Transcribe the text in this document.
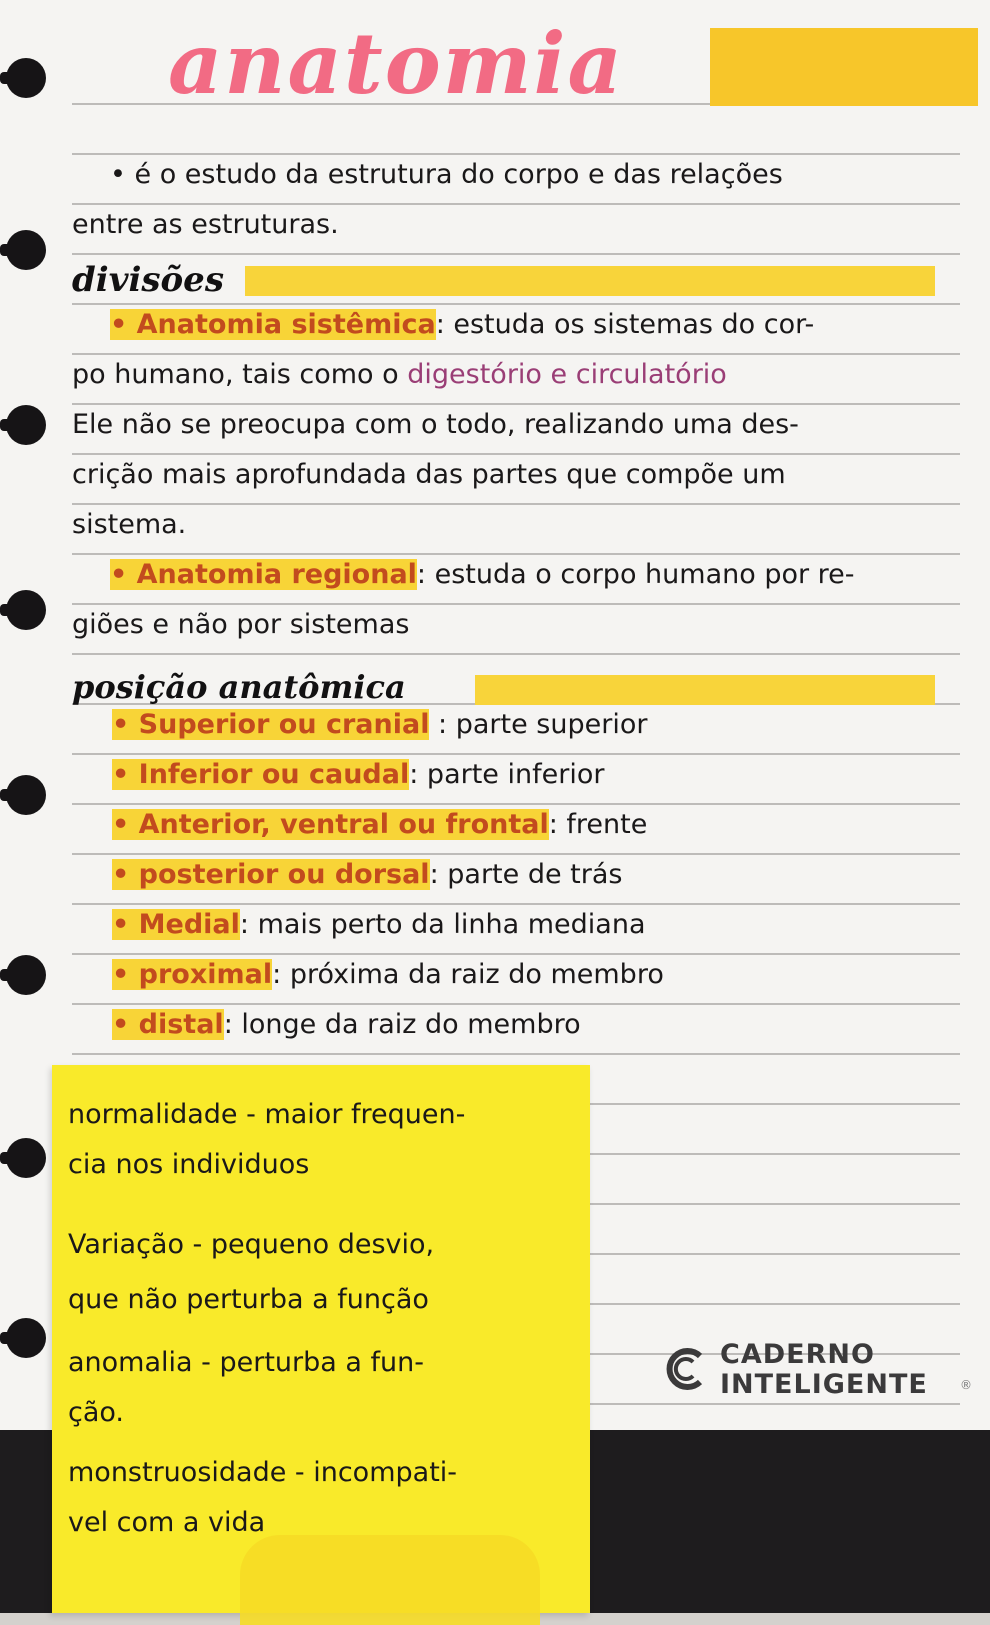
anatomia
• é o estudo da estrutura do corpo e das relações
entre as estruturas.
divisões
• Anatomia sistêmica: estuda os sistemas do cor-
po humano, tais como o digestório e circulatório
Ele não se preocupa com o todo, realizando uma des-
crição mais aprofundada das partes que compõe um
sistema.
• Anatomia regional: estuda o corpo humano por re-
giões e não por sistemas
posição anatômica
• Superior ou cranial : parte superior
• Inferior ou caudal: parte inferior
• Anterior, ventral ou frontal: frente
• posterior ou dorsal: parte de trás
• Medial: mais perto da linha mediana
• proximal: próxima da raiz do membro
• distal: longe da raiz do membro
CADERNO
INTELIGENTE	®
normalidade - maior frequen-
cia nos individuos
Variação - pequeno desvio,
que não perturba a função
anomalia - perturba a fun-
ção.
monstruosidade - incompati-
vel com a vida
